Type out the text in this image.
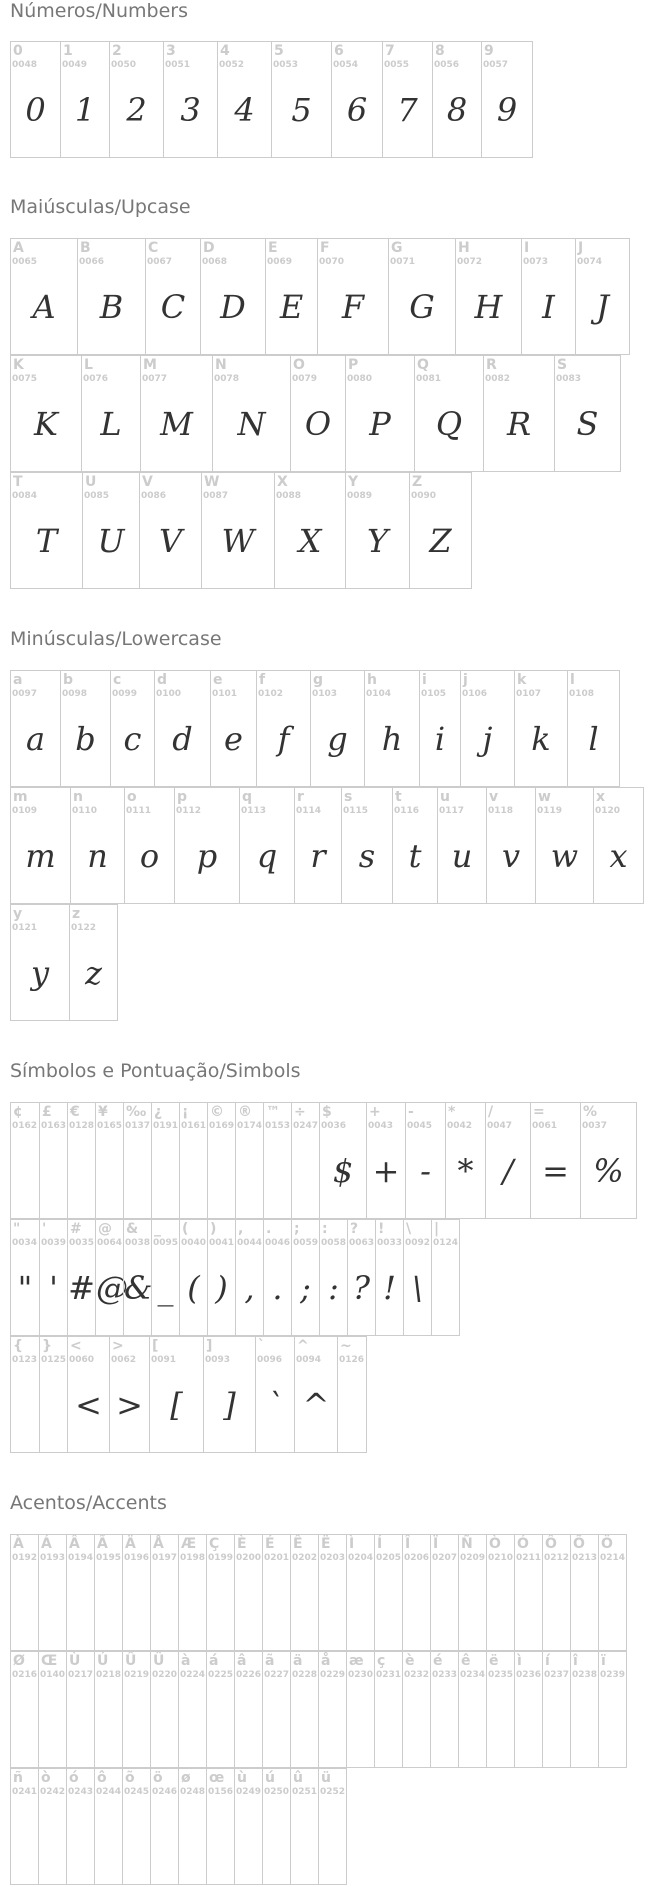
Números/Numbers
0
0048
0
1
0049
1
2
0050
2
3
0051
3
4
0052
4
5
0053
5
6
0054
6
7
0055
7
8
0056
8
9
0057
9
Maiúsculas/Upcase
A
0065
A
B
0066
B
C
0067
C
D
0068
D
E
0069
E
F
0070
F
G
0071
G
H
0072
H
I
0073
I
J
0074
J
K
0075
K
L
0076
L
M
0077
M
N
0078
N
O
0079
O
P
0080
P
Q
0081
Q
R
0082
R
S
0083
S
T
0084
T
U
0085
U
V
0086
V
W
0087
W
X
0088
X
Y
0089
Y
Z
0090
Z
Minúsculas/Lowercase
a
0097
a
b
0098
b
c
0099
c
d
0100
d
e
0101
e
f
0102
f
g
0103
g
h
0104
h
i
0105
i
j
0106
j
k
0107
k
l
0108
l
m
0109
m
n
0110
n
o
0111
o
p
0112
p
q
0113
q
r
0114
r
s
0115
s
t
0116
t
u
0117
u
v
0118
v
w
0119
w
x
0120
x
y
0121
y
z
0122
z
Símbolos e Pontuação/Simbols
¢
0162
£
0163
€
0128
¥
0165
‰
0137
¿
0191
¡
0161
©
0169
®
0174
™
0153
÷
0247
$
0036
$
+
0043
+
-
0045
-
*
0042
*
/
0047
/
=
0061
=
%
0037
%
"
0034
"
'
0039
'
#
0035
#
@
0064
@
&
0038
&
_
0095
_
(
0040
(
)
0041
)
,
0044
,
.
0046
.
;
0059
;
:
0058
:
?
0063
?
!
0033
!
\
0092
\
|
0124
{
0123
}
0125
<
0060
<
>
0062
>
[
0091
[
]
0093
]
`
0096
`
^
0094
^
~
0126
Acentos/Accents
À
0192
Á
0193
Â
0194
Ã
0195
Ä
0196
Å
0197
Æ
0198
Ç
0199
È
0200
É
0201
Ê
0202
Ë
0203
Ì
0204
Í
0205
Î
0206
Ï
0207
Ñ
0209
Ò
0210
Ó
0211
Ô
0212
Õ
0213
Ö
0214
Ø
0216
Œ
0140
Ù
0217
Ú
0218
Û
0219
Ü
0220
à
0224
á
0225
â
0226
ã
0227
ä
0228
å
0229
æ
0230
ç
0231
è
0232
é
0233
ê
0234
ë
0235
ì
0236
í
0237
î
0238
ï
0239
ñ
0241
ò
0242
ó
0243
ô
0244
õ
0245
ö
0246
ø
0248
œ
0156
ù
0249
ú
0250
û
0251
ü
0252
